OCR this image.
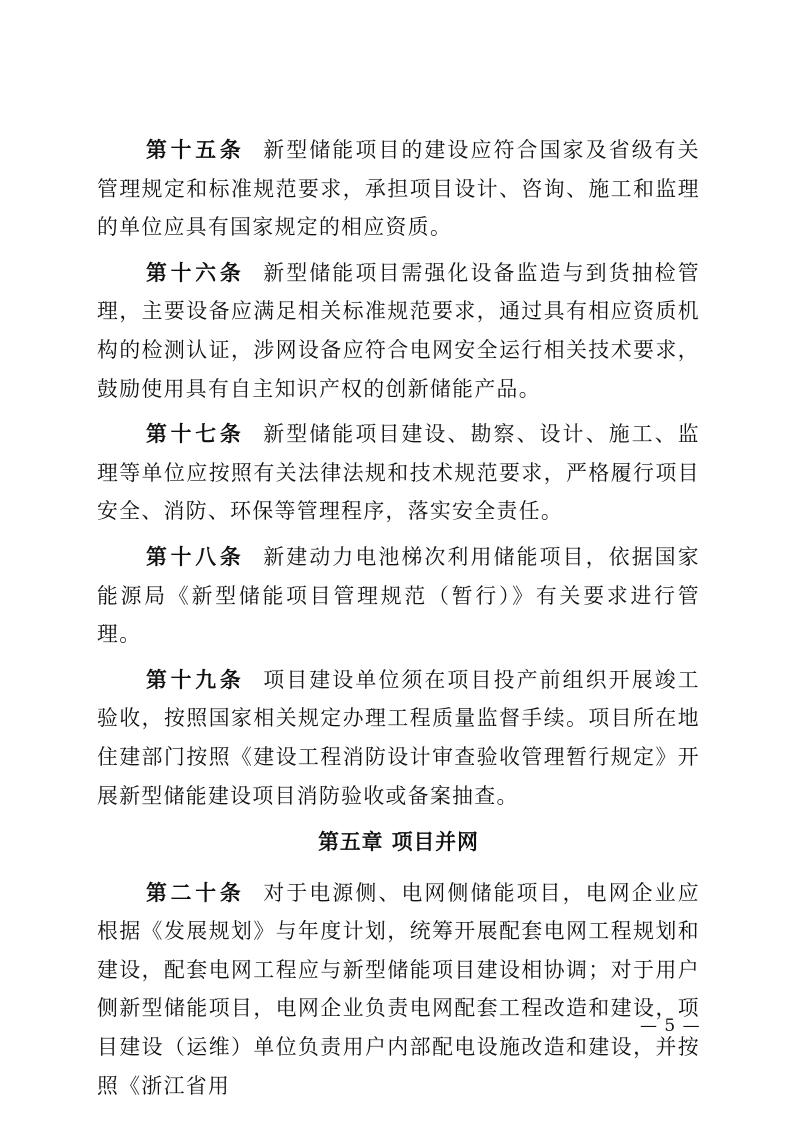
第十五条 新型储能项目的建设应符合国家及省级有关管理规定和标准规范要求，承担项目设计、咨询、施工和监理的单位应具有国家规定的相应资质。

第十六条 新型储能项目需强化设备监造与到货抽检管理，主要设备应满足相关标准规范要求，通过具有相应资质机构的检测认证，涉网设备应符合电网安全运行相关技术要求，鼓励使用具有自主知识产权的创新储能产品。

第十七条 新型储能项目建设、勘察、设计、施工、监理等单位应按照有关法律法规和技术规范要求，严格履行项目安全、消防、环保等管理程序，落实安全责任。

第十八条 新建动力电池梯次利用储能项目，依据国家能源局《新型储能项目管理规范（暂行）》有关要求进行管理。

第十九条 项目建设单位须在项目投产前组织开展竣工验收，按照国家相关规定办理工程质量监督手续。项目所在地住建部门按照《建设工程消防设计审查验收管理暂行规定》开展新型储能建设项目消防验收或备案抽查。

第五章 项目并网

第二十条 对于电源侧、电网侧储能项目，电网企业应根据《发展规划》与年度计划，统筹开展配套电网工程规划和建设，配套电网工程应与新型储能项目建设相协调；对于用户侧新型储能项目，电网企业负责电网配套工程改造和建设，项目建设（运维）单位负责用户内部配电设施改造和建设，并按照《浙江省用

— 5 —
